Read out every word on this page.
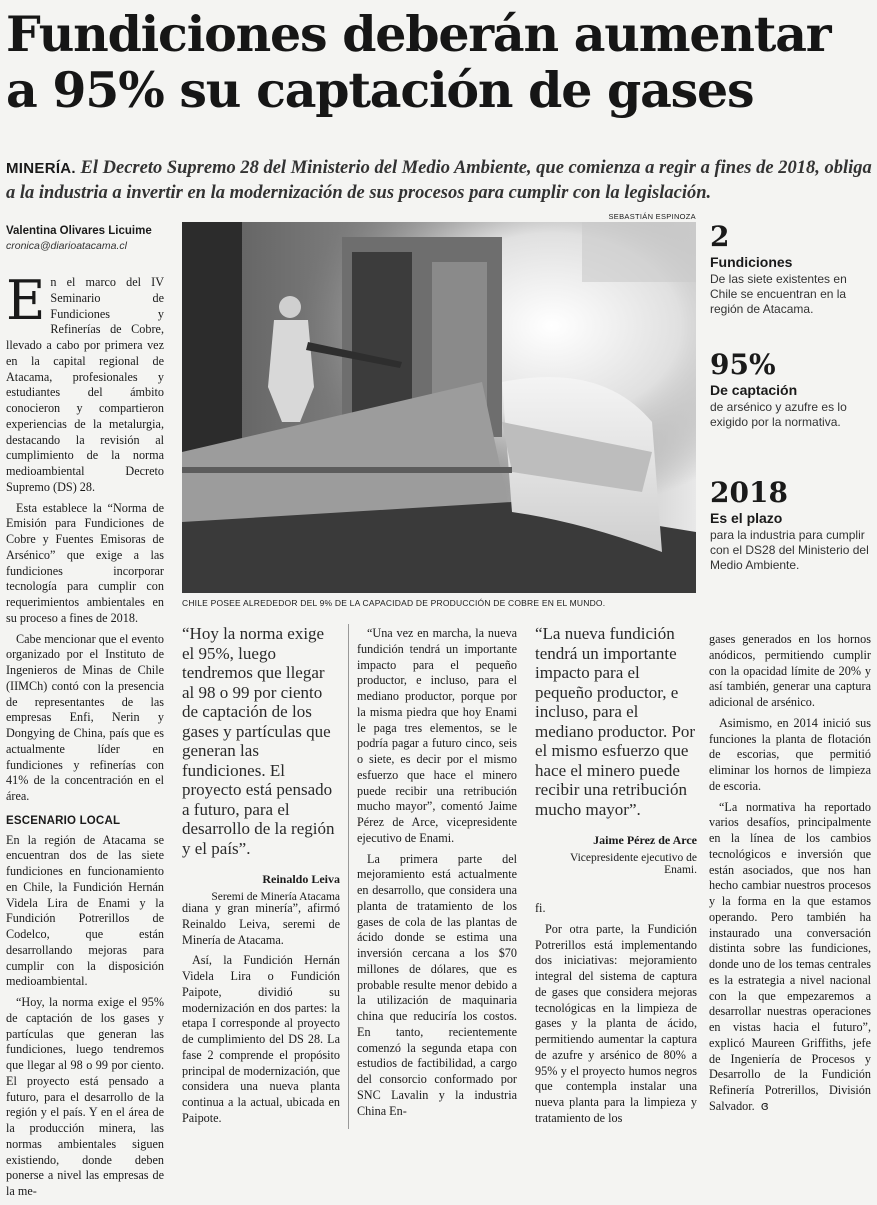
Fundiciones deberán aumentar a 95% su captación de gases

MINERÍA. El Decreto Supremo 28 del Ministerio del Medio Ambiente, que comienza a regir a fines de 2018, obliga a la industria a invertir en la modernización de sus procesos para cumplir con la legislación.

Valentina Olivares Licuime
cronica@diarioatacama.cl
SEBASTIÁN ESPINOZA
CHILE POSEE ALREDEDOR DEL 9% DE LA CAPACIDAD DE PRODUCCIÓN DE COBRE EN EL MUNDO.

En el marco del IV Seminario de Fundiciones y Refinerías de Cobre, llevado a cabo por primera vez en la capital regional de Atacama, profesionales y estudiantes del ámbito conocieron y compartieron experiencias de la metalurgia, destacando la revisión al cumplimiento de la norma medioambiental Decreto Supremo (DS) 28.

Esta establece la “Norma de Emisión para Fundiciones de Cobre y Fuentes Emisoras de Arsénico” que exige a las fundiciones incorporar tecnología para cumplir con requerimientos ambientales en su proceso a fines de 2018.

Cabe mencionar que el evento organizado por el Instituto de Ingenieros de Minas de Chile (IIMCh) contó con la presencia de representantes de las empresas Enfi, Nerin y Dongying de China, país que es actualmente líder en fundiciones y refinerías con 41% de la concentración en el área.

ESCENARIO LOCAL

En la región de Atacama se encuentran dos de las siete fundiciones en funcionamiento en Chile, la Fundición Hernán Videla Lira de Enami y la Fundición Potrerillos de Codelco, que están desarrollando mejoras para cumplir con la disposición medioambiental.

“Hoy, la norma exige el 95% de captación de los gases y partículas que generan las fundiciones, luego tendremos que llegar al 98 o 99 por ciento. El proyecto está pensado a futuro, para el desarrollo de la región y el país. Y en el área de la producción minera, las normas ambientales siguen existiendo, donde deben ponerse a nivel las empresas de la me-

“Hoy la norma exige el 95%, luego tendremos que llegar al 98 o 99 por ciento de captación de los gases y partículas que generan las fundiciones. El proyecto está pensado a futuro, para el desarrollo de la región y el país”.
Reinaldo Leiva
Seremi de Minería Atacama

diana y gran minería”, afirmó Reinaldo Leiva, seremi de Minería de Atacama.

Así, la Fundición Hernán Videla Lira o Fundición Paipote, dividió su modernización en dos partes: la etapa I corresponde al proyecto de cumplimiento del DS 28. La fase 2 comprende el propósito principal de modernización, que considera una nueva planta continua a la actual, ubicada en Paipote.

“Una vez en marcha, la nueva fundición tendrá un importante impacto para el pequeño productor, e incluso, para el mediano productor, porque por la misma piedra que hoy Enami le paga tres elementos, se le podría pagar a futuro cinco, seis o siete, es decir por el mismo esfuerzo que hace el minero puede recibir una retribución mucho mayor”, comentó Jaime Pérez de Arce, vicepresidente ejecutivo de Enami.

La primera parte del mejoramiento está actualmente en desarrollo, que considera una planta de tratamiento de los gases de cola de las plantas de ácido donde se estima una inversión cercana a los $70 millones de dólares, que es probable resulte menor debido a la utilización de maquinaria china que reduciría los costos. En tanto, recientemente comenzó la segunda etapa con estudios de factibilidad, a cargo del consorcio conformado por SNC Lavalin y la industria China En-

“La nueva fundición tendrá un importante impacto para el pequeño productor, e incluso, para el mediano productor. Por el mismo esfuerzo que hace el minero puede recibir una retribución mucho mayor”.
Jaime Pérez de Arce
Vicepresidente ejecutivo de Enami.

fi.

Por otra parte, la Fundición Potrerillos está implementando dos iniciativas: mejoramiento integral del sistema de captura de gases que considera mejoras tecnológicas en la limpieza de gases y la planta de ácido, permitiendo aumentar la captura de azufre y arsénico de 80% a 95% y el proyecto humos negros que contempla instalar una nueva planta para la limpieza y tratamiento de los

gases generados en los hornos anódicos, permitiendo cumplir con la opacidad límite de 20% y así también, generar una captura adicional de arsénico.

Asimismo, en 2014 inició sus funciones la planta de flotación de escorias, que permitió eliminar los hornos de limpieza de escoria.

“La normativa ha reportado varios desafíos, principalmente en la línea de los cambios tecnológicos e inversión que están asociados, que nos han hecho cambiar nuestros procesos y la forma en la que estamos operando. Pero también ha instaurado una conversación distinta sobre las fundiciones, donde uno de los temas centrales es la estrategia a nivel nacional con la que empezaremos a desarrollar nuestras operaciones en vistas hacia el futuro”, explicó Maureen Griffiths, jefe de Ingeniería de Procesos y Desarrollo de la Fundición Refinería Potrerillos, División Salvador. ɞ

2
Fundiciones
De las siete existentes en Chile se encuentran en la región de Atacama.
95%
De captación
de arsénico y azufre es lo exigido por la normativa.
2018
Es el plazo
para la industria para cumplir con el DS28 del Ministerio del Medio Ambiente.
